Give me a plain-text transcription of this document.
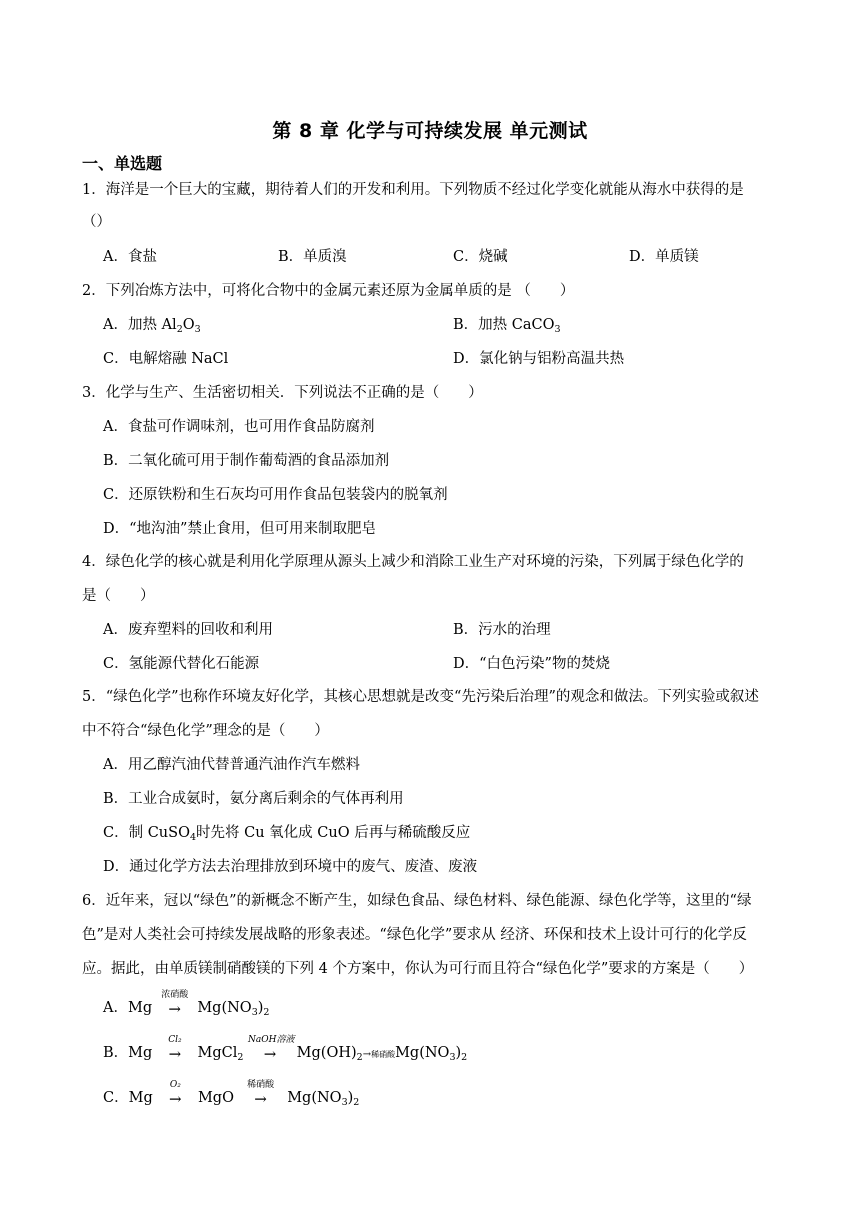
第 8 章 化学与可持续发展 单元测试
一、单选题
1．海洋是一个巨大的宝藏，期待着人们的开发和利用。下列物质不经过化学变化就能从海水中获得的是
（）
A．食盐	B．单质溴	C．烧碱	D．单质镁
2．下列冶炼方法中，可将化合物中的金属元素还原为金属单质的是 （　　）
A．加热 $Al_2O_3$	B．加热 CaCO$_3$
C．电解熔融 NaCl	D．氯化钠与铝粉高温共热
3．化学与生产、生活密切相关．下列说法不正确的是（　　）
A．食盐可作调味剂，也可用作食品防腐剂
B．二氧化硫可用于制作葡萄酒的食品添加剂
C．还原铁粉和生石灰均可用作食品包装袋内的脱氧剂
D．“地沟油”禁止食用，但可用来制取肥皂
4．绿色化学的核心就是利用化学原理从源头上减少和消除工业生产对环境的污染，下列属于绿色化学的
是（　　）
A．废弃塑料的回收和利用	B．污水的治理
C．氢能源代替化石能源	D．“白色污染”物的焚烧
5．“绿色化学”也称作环境友好化学，其核心思想就是改变“先污染后治理”的观念和做法。下列实验或叙述
中不符合“绿色化学”理念的是（　　）
A．用乙醇汽油代替普通汽油作汽车燃料
B．工业合成氨时，氨分离后剩余的气体再利用
C．制 CuSO$_4$时先将 Cu 氧化成 CuO 后再与稀硫酸反应
D．通过化学方法去治理排放到环境中的废气、废渣、废液
6．近年来，冠以“绿色”的新概念不断产生，如绿色食品、绿色材料、绿色能源、绿色化学等，这里的“绿
色”是对人类社会可持续发展战略的形象表述。“绿色化学”要求从 经济、环保和技术上设计可行的化学反
应。据此，由单质镁制硝酸镁的下列 4 个方案中，你认为可行而且符合“绿色化学”要求的方案是（　　）
A．Mg
浓硝酸
→ $Mg(NO_3)_2$
B．Mg
Cl₂
→ MgCl$_2$
NaOH溶液
→ $Mg(OH)_2\to$稀硝酸$Mg(NO_3)_2$
C．Mg
O₂
→ MgO
稀硝酸
→ $Mg(NO_3)_2$
